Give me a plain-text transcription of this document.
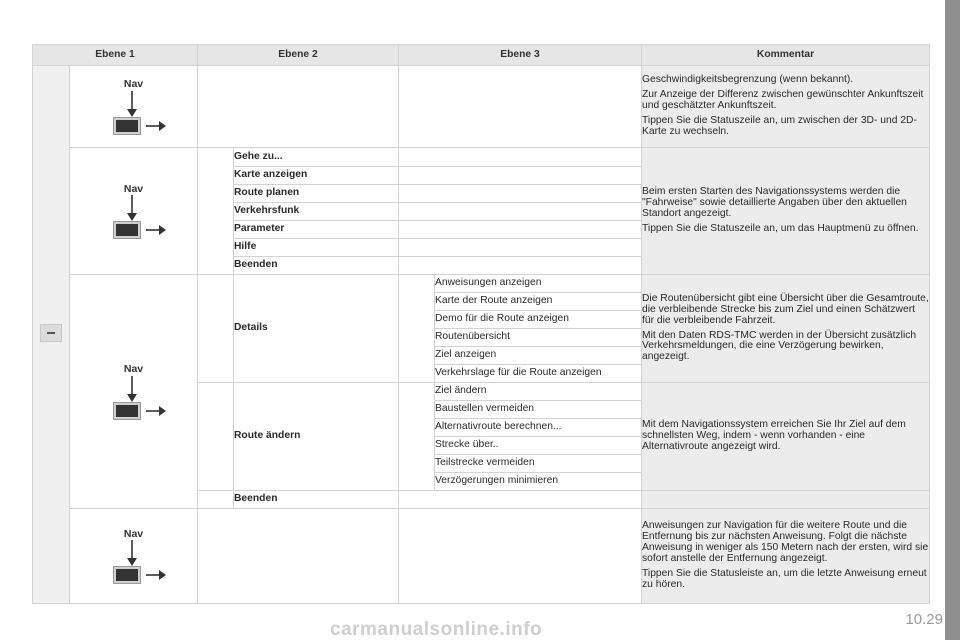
Ebene 1		Ebene 2		Ebene 3		Kommentar

	Nav					Geschwindigkeitsbegrenzung (wenn bekannt).

Zur Anzeige der Differenz zwischen gewünschter Ankunftszeit und geschätzter Ankunftszeit.

Tippen Sie die Statuszeile an, um zwischen der 3D- und 2D-Karte zu wechseln.

	Nav		Gehe zu...			Beim ersten Starten des Navigationssystems werden die "Fahrweise" sowie detaillierte Angaben über den aktuellen Standort angezeigt.

Tippen Sie die Statuszeile an, um das Hauptmenü zu öffnen.

			Karte anzeigen			
			Route planen			
			Verkehrsfunk			
			Parameter			
			Hilfe			
			Beenden			

	Nav		Details		Anweisungen anzeigen	Die Routenübersicht gibt eine Übersicht über die Gesamtroute, die verbleibende Strecke bis zum Ziel und einen Schätzwert für die verbleibende Fahrzeit.

Mit den Daten RDS-TMC werden in der Übersicht zusätzlich Verkehrsmeldungen, die eine Verzögerung bewirken, angezeigt.

					Karte der Route anzeigen	
					Demo für die Route anzeigen	
					Routenübersicht	
					Ziel anzeigen	
					Verkehrslage für die Route anzeigen	
			Route ändern		Ziel ändern	Mit dem Navigationssystem erreichen Sie Ihr Ziel auf dem schnellsten Weg, indem - wenn vorhanden - eine Alternativroute angezeigt wird.

					Baustellen vermeiden	
					Alternativroute berechnen...	
					Strecke über..	
					Teilstrecke vermeiden	
					Verzögerungen minimieren	
			Beenden			

	Nav					Anweisungen zur Navigation für die weitere Route und die Entfernung bis zur nächsten Anweisung. Folgt die nächste Anweisung in weniger als 150 Metern nach der ersten, wird sie sofort anstelle der Entfernung angezeigt.

Tippen Sie die Statusleiste an, um die letzte Anweisung erneut zu hören.

10.29
carmanualsonline.info
